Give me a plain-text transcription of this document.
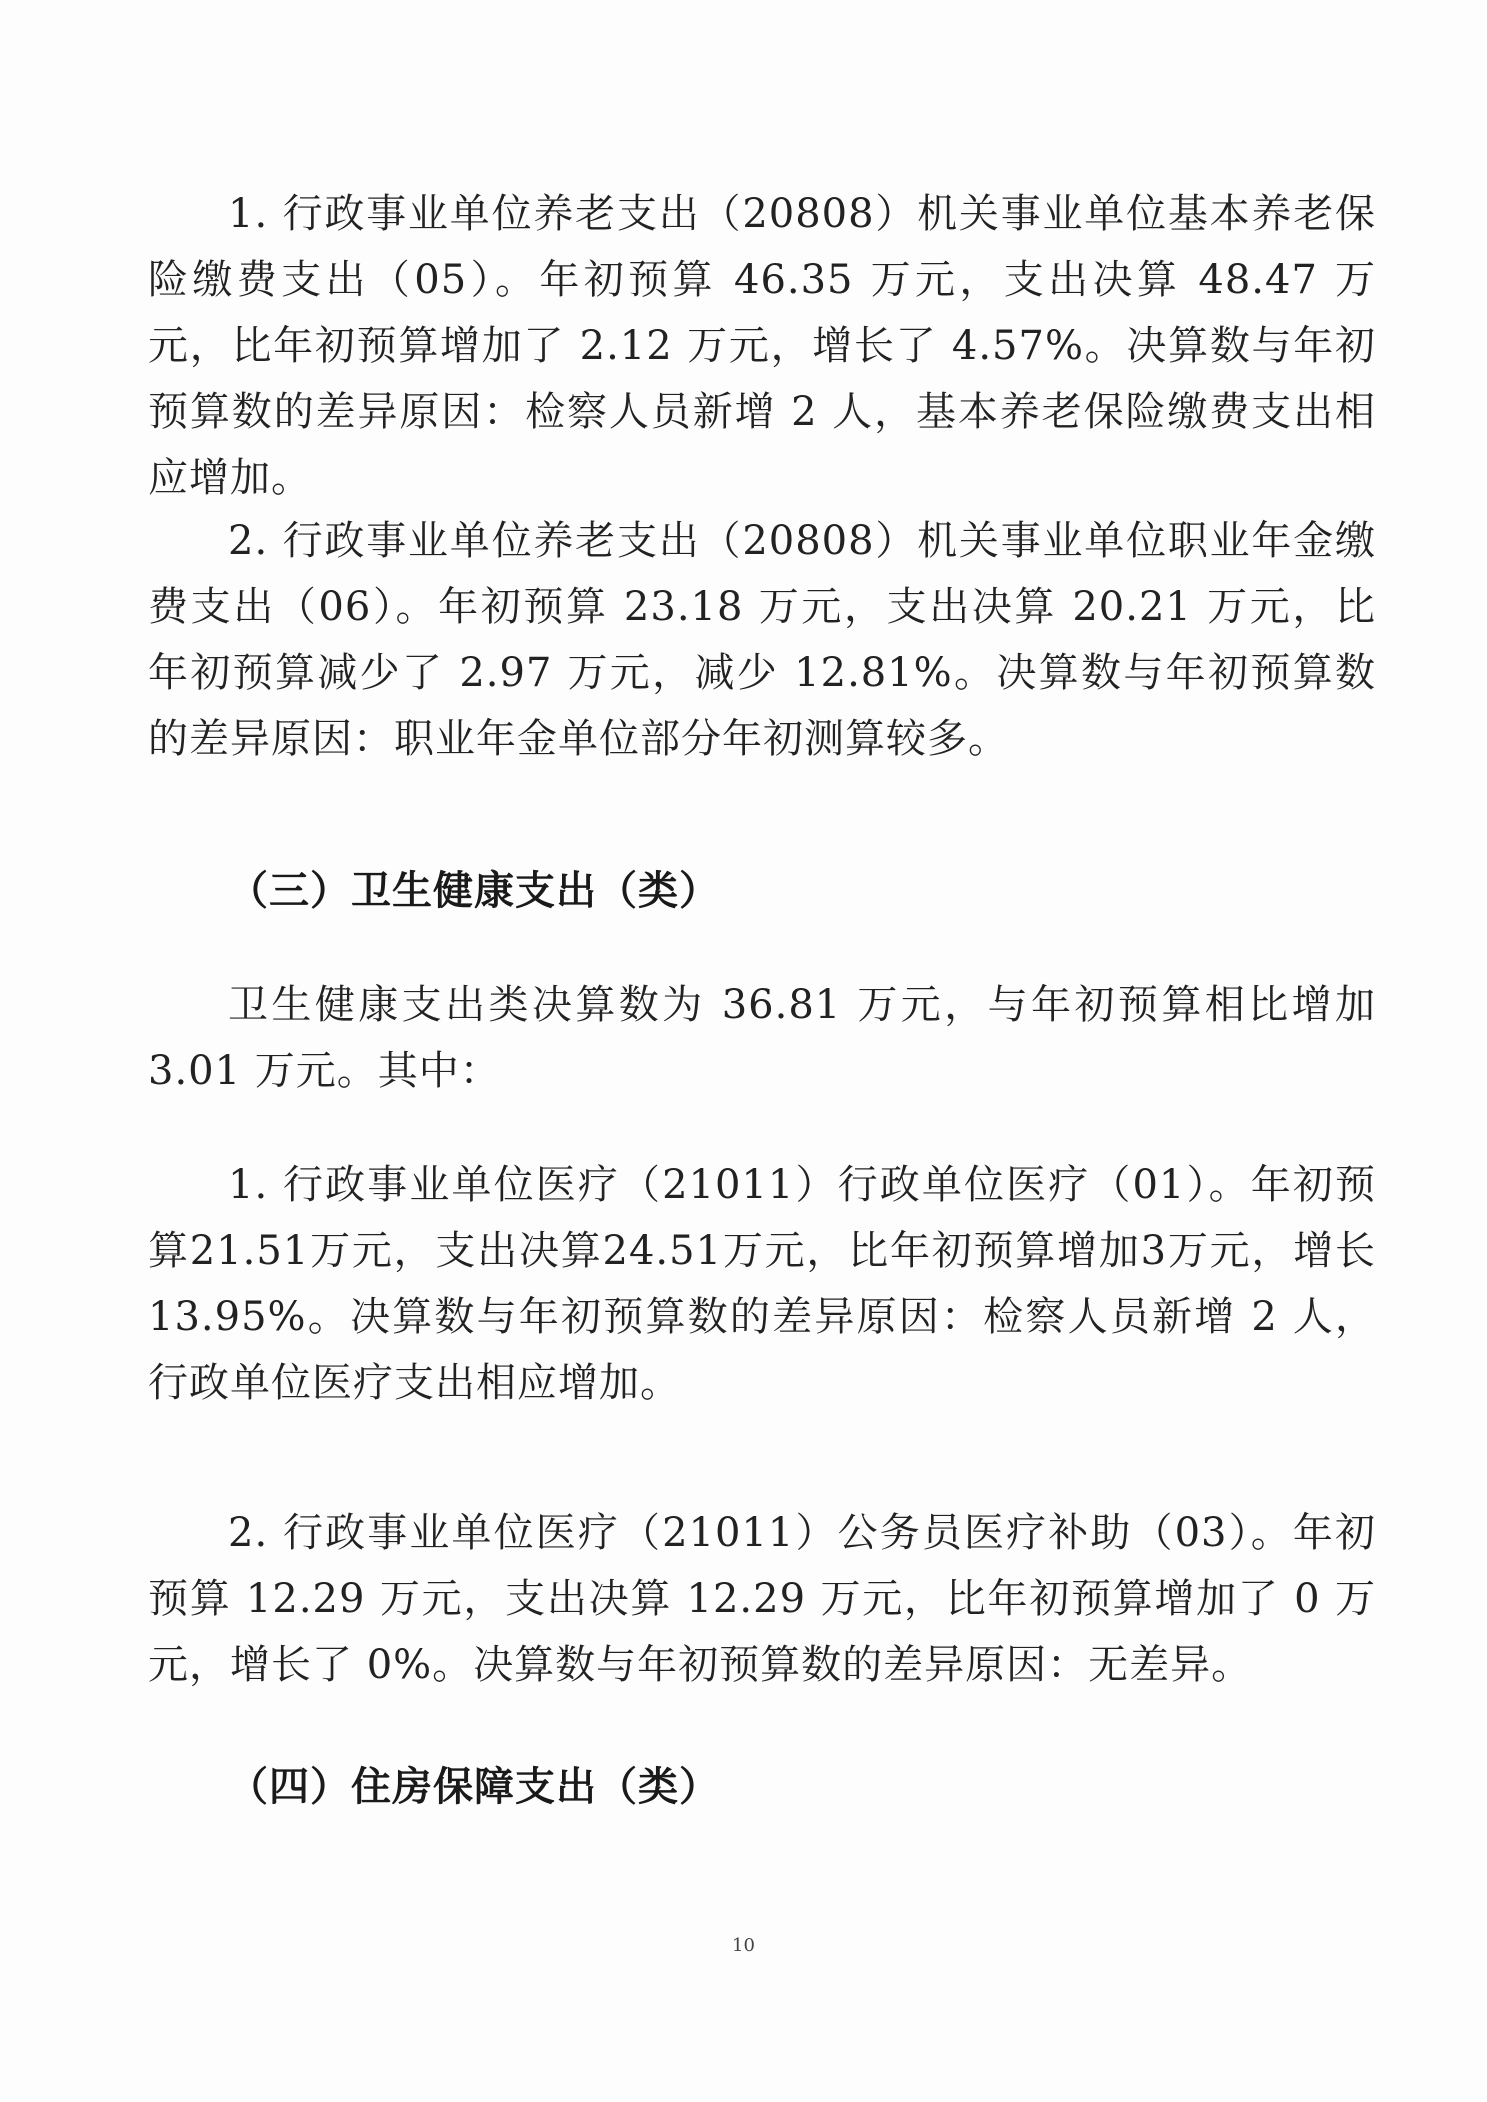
1. 行政事业单位养老支出（20808）机关事业单位基本养老保险缴费支出（05）。年初预算 46.35 万元，支出决算 48.47 万元，比年初预算增加了 2.12 万元，增长了 4.57%。决算数与年初预算数的差异原因：检察人员新增 2 人，基本养老保险缴费支出相应增加。

2. 行政事业单位养老支出（20808）机关事业单位职业年金缴费支出（06）。年初预算 23.18 万元，支出决算 20.21 万元，比年初预算减少了 2.97 万元，减少 12.81%。决算数与年初预算数的差异原因：职业年金单位部分年初测算较多。

（三）卫生健康支出（类）

卫生健康支出类决算数为 36.81 万元，与年初预算相比增加 3.01 万元。其中：

1. 行政事业单位医疗（21011）行政单位医疗（01）。年初预算21.51万元，支出决算24.51万元，比年初预算增加3万元，增长13.95%。决算数与年初预算数的差异原因：检察人员新增 2 人，行政单位医疗支出相应增加。

2. 行政事业单位医疗（21011）公务员医疗补助（03）。年初预算 12.29 万元，支出决算 12.29 万元，比年初预算增加了 0 万元，增长了 0%。决算数与年初预算数的差异原因：无差异。

（四）住房保障支出（类）
10
